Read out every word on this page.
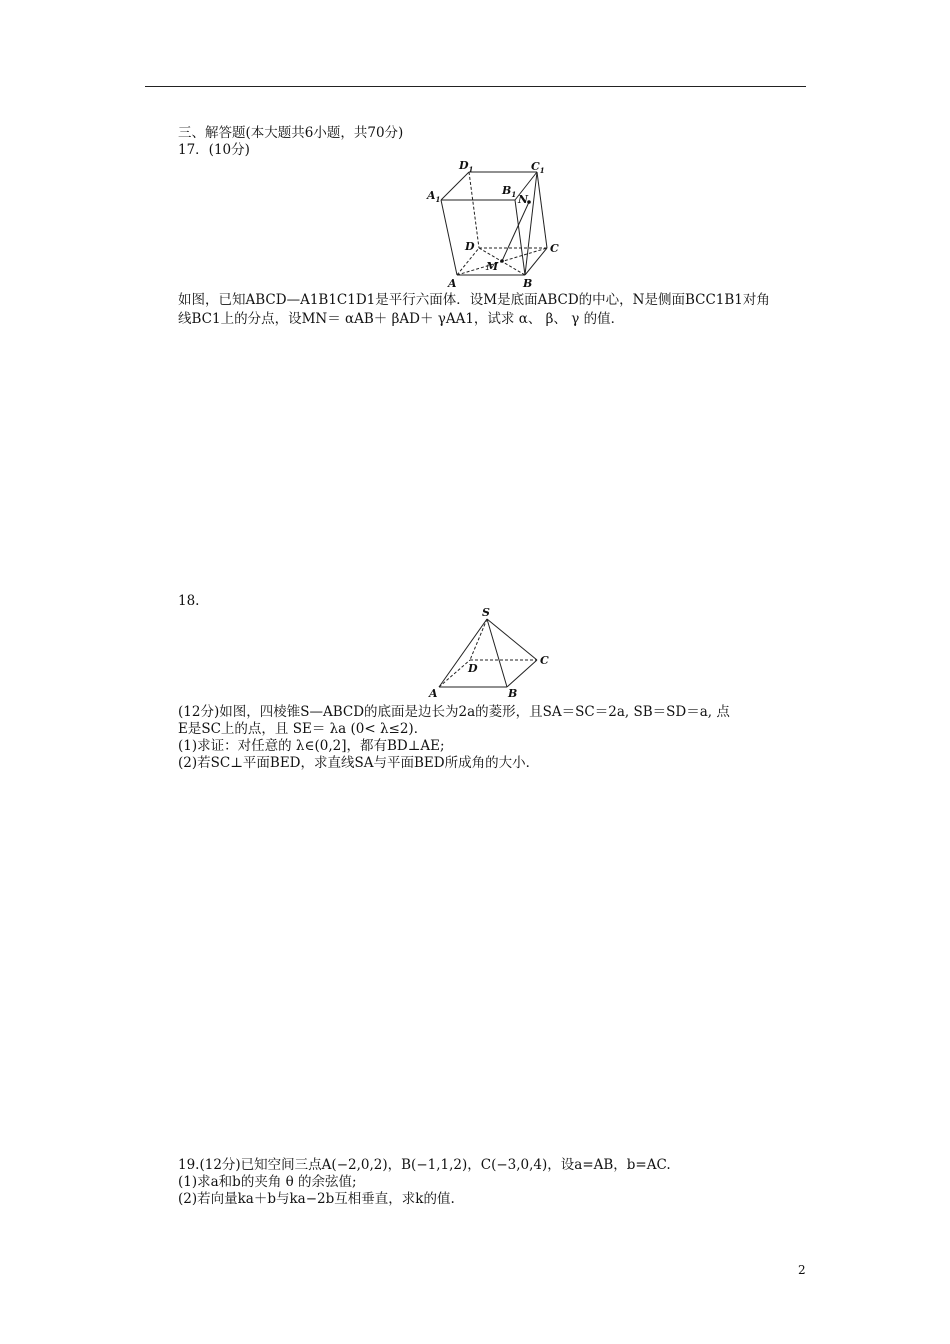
三、解答题(本大题共6小题，共70分)
17．(10分)
$D_1$	$C_1$
$A_1$
$B_1$ N
D	C
M
A	B
如图，已知ABCD—A1B1C1D1是平行六面体．设M是底面ABCD的中心，N是侧面BCC1B1对角
线BC1上的分点，设MN＝ αAB＋ βAD＋ γAA1，试求 α、 β、 γ 的值．
18.
S
C
D
A	B
(12分)如图，四棱锥S—ABCD的底面是边长为2a的菱形，且SA＝SC＝2a, SB＝SD＝a, 点
E是SC上的点，且 SE＝ λa (0< λ≤2)．
(1)求证：对任意的 λ∈(0,2]，都有BD⊥AE;
(2)若SC⊥平面BED，求直线SA与平面BED所成角的大小．
19.(12分)已知空间三点A(−2,0,2)，B(−1,1,2)，C(−3,0,4)，设a=AB，b=AC.
(1)求a和b的夹角 θ 的余弦值;
(2)若向量ka＋b与ka−2b互相垂直，求k的值.
2
